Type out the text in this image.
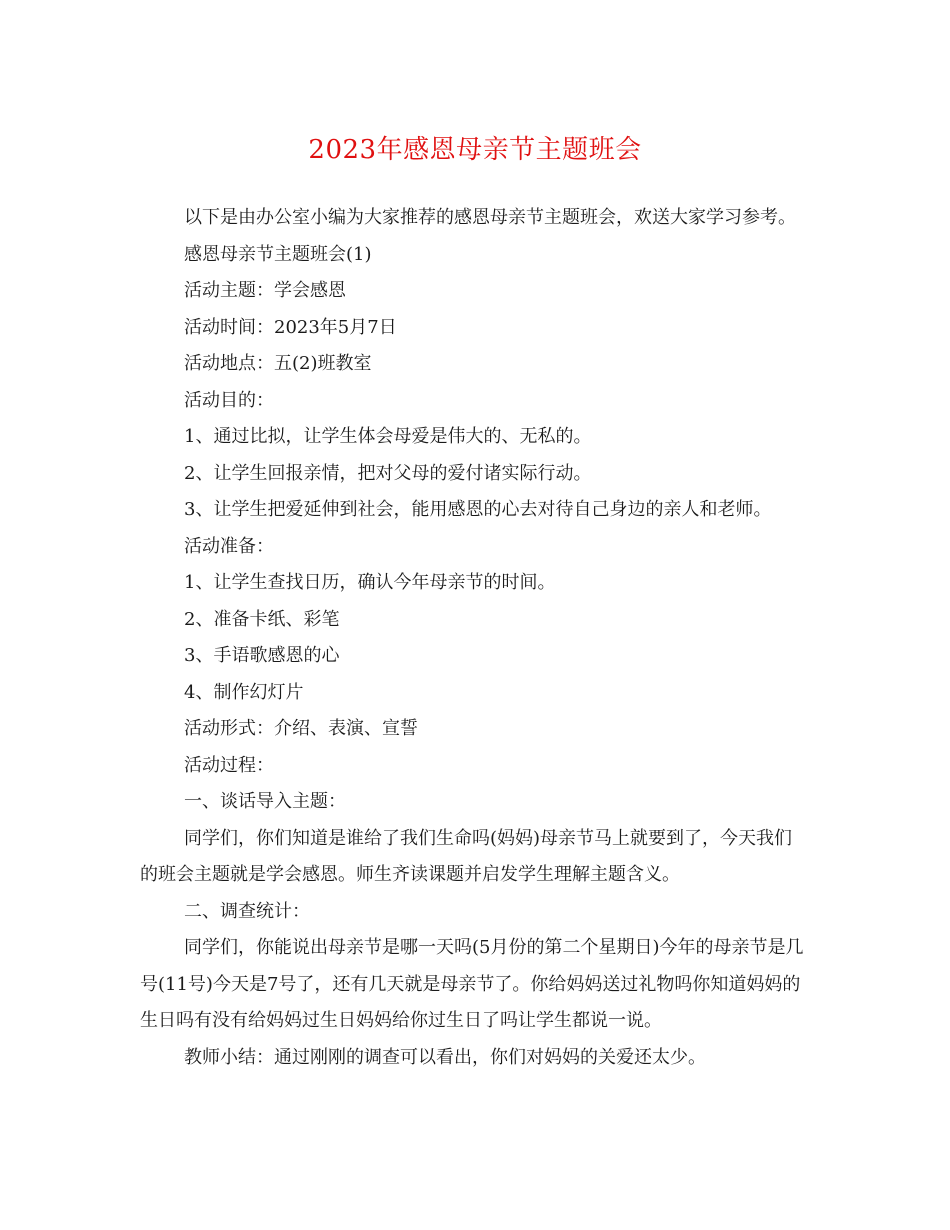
2023年感恩母亲节主题班会

以下是由办公室小编为大家推荐的感恩母亲节主题班会，欢送大家学习参考。

感恩母亲节主题班会(1)

活动主题：学会感恩

活动时间：2023年5月7日

活动地点：五(2)班教室

活动目的：

1、通过比拟，让学生体会母爱是伟大的、无私的。

2、让学生回报亲情，把对父母的爱付诸实际行动。

3、让学生把爱延伸到社会，能用感恩的心去对待自己身边的亲人和老师。

活动准备：

1、让学生查找日历，确认今年母亲节的时间。

2、准备卡纸、彩笔

3、手语歌感恩的心

4、制作幻灯片

活动形式：介绍、表演、宣誓

活动过程：

一、谈话导入主题：

同学们，你们知道是谁给了我们生命吗(妈妈)母亲节马上就要到了，今天我们的班会主题就是学会感恩。师生齐读课题并启发学生理解主题含义。

二、调查统计：

同学们，你能说出母亲节是哪一天吗(5月份的第二个星期日)今年的母亲节是几号(11号)今天是7号了，还有几天就是母亲节了。你给妈妈送过礼物吗你知道妈妈的生日吗有没有给妈妈过生日妈妈给你过生日了吗让学生都说一说。

教师小结：通过刚刚的调查可以看出，你们对妈妈的关爱还太少。
